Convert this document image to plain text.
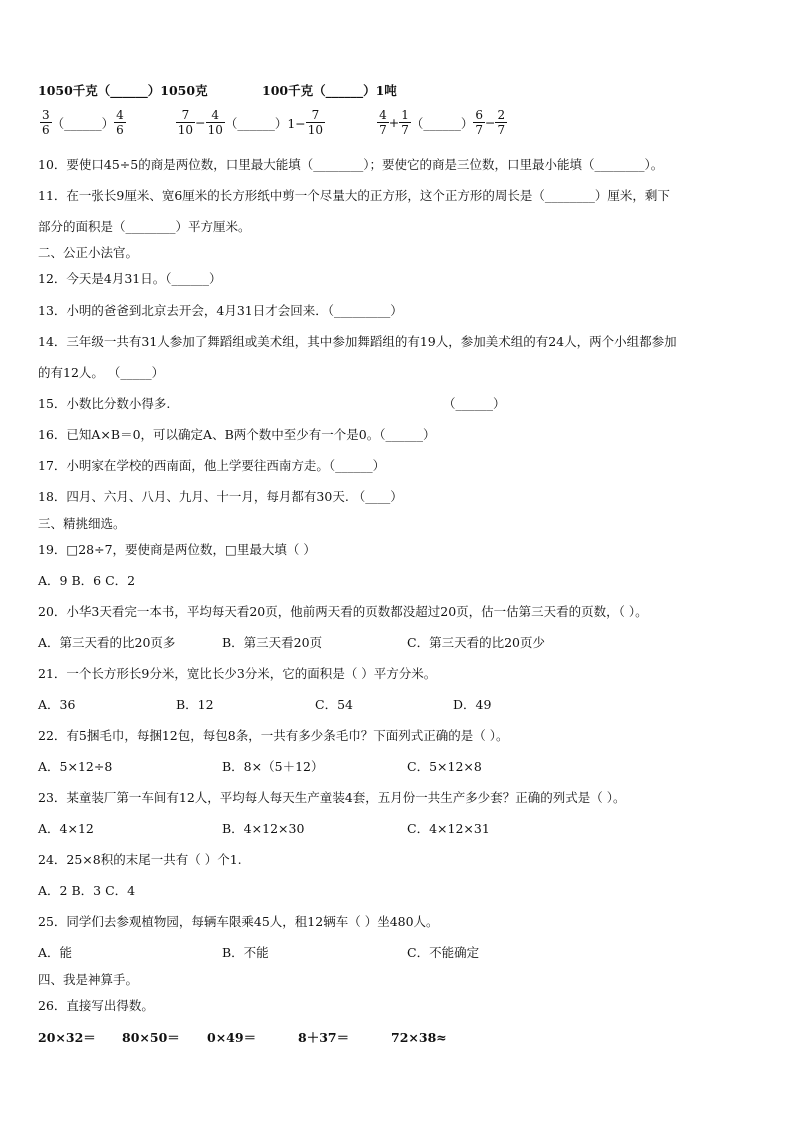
1050千克（______）1050克	100千克（______）1吨
$\frac{3}{6}$ （______） $\frac{4}{6}$	$\frac{7}{10} - \frac{4}{10}$ （______）1− $\frac{7}{10}$	$\frac{4}{7} + \frac{1}{7}$ （______） $\frac{6}{7} - \frac{2}{7}$
10．要使口45÷5的商是两位数，口里最大能填（________）；要使它的商是三位数，口里最小能填（________）。
11．在一张长9厘米、宽6厘米的长方形纸中剪一个尽量大的正方形，这个正方形的周长是（________）厘米，剩下
部分的面积是（________）平方厘米。
二、公正小法官。
12．今天是4月31日。（______）
13．小明的爸爸到北京去开会，4月31日才会回来．（_________）
14．三年级一共有31人参加了舞蹈组或美术组，其中参加舞蹈组的有19人，参加美术组的有24人，两个小组都参加
的有12人。 （_____）
15．小数比分数小得多.	（______）
16．已知A×B＝0，可以确定A、B两个数中至少有一个是0。（______）
17．小明家在学校的西南面，他上学要往西南方走。（______）
18．四月、六月、八月、九月、十一月，每月都有30天. （____）
三、精挑细选。
19．□28÷7，要使商是两位数，□里最大填（ ）
A．9 B．6 C．2
20．小华3天看完一本书，平均每天看20页，他前两天看的页数都没超过20页，估一估第三天看的页数，（ ）。
A．第三天看的比20页多	B．第三天看20页	C．第三天看的比20页少
21．一个长方形长9分米，宽比长少3分米，它的面积是（ ）平方分米。
A．36	B．12	C．54	D．49
22．有5捆毛巾，每捆12包，每包8条，一共有多少条毛巾？下面列式正确的是（ ）。
A．5×12÷8	B．8×（5＋12）	C．5×12×8
23．某童装厂第一车间有12人，平均每人每天生产童装4套，五月份一共生产多少套？正确的列式是（ ）。
A．4×12	B．4×12×30	C．4×12×31
24．25×8积的末尾一共有（ ）个1.
A．2 B．3 C．4
25．同学们去参观植物园，每辆车限乘45人，租12辆车（ ）坐480人。
A．能	B．不能	C．不能确定
四、我是神算手。
26．直接写出得数。
20×32＝ 80×50＝ 0×49＝	8＋37＝	72×38≈
